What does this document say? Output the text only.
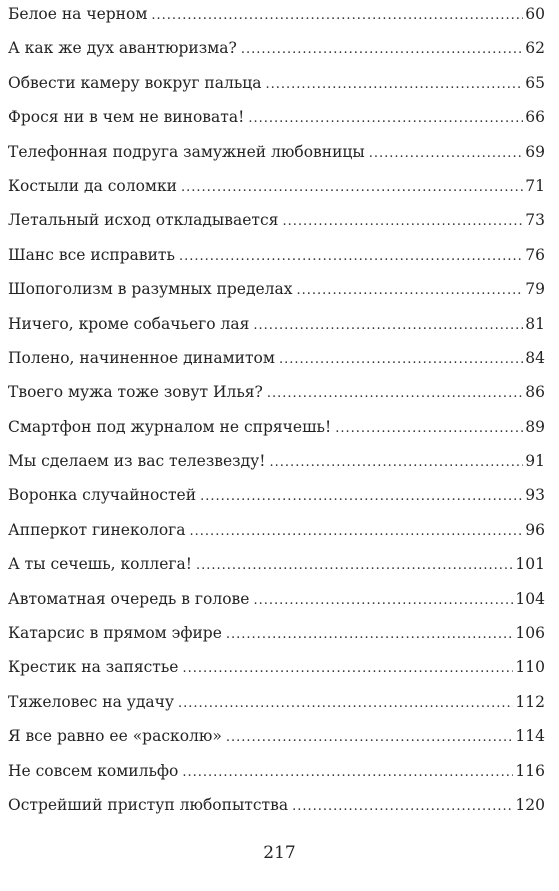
Белое на черном .....	60
А как же дух авантюризма? .....	62
Обвести камеру вокруг пальца .....	65
Фрося ни в чем не виновата! .....	66
Телефонная подруга замужней любовницы .....	69
Костыли да соломки .....	71
Летальный исход откладывается .....	73
Шанс все исправить .....	76
Шопоголизм в разумных пределах .....	79
Ничего, кроме собачьего лая .....	81
Полено, начиненное динамитом .....	84
Твоего мужа тоже зовут Илья? .....	86
Смартфон под журналом не спрячешь! .....	89
Мы сделаем из вас телезвезду! .....	91
Воронка случайностей .....	93
Апперкот гинеколога .....	96
А ты сечешь, коллега! .....	101
Автоматная очередь в голове .....	104
Катарсис в прямом эфире .....	106
Крестик на запястье .....	110
Тяжеловес на удачу .....	112
Я все равно ее «расколю» .....	114
Не совсем комильфо .....	116
Острейший приступ любопытства .....	120
217
